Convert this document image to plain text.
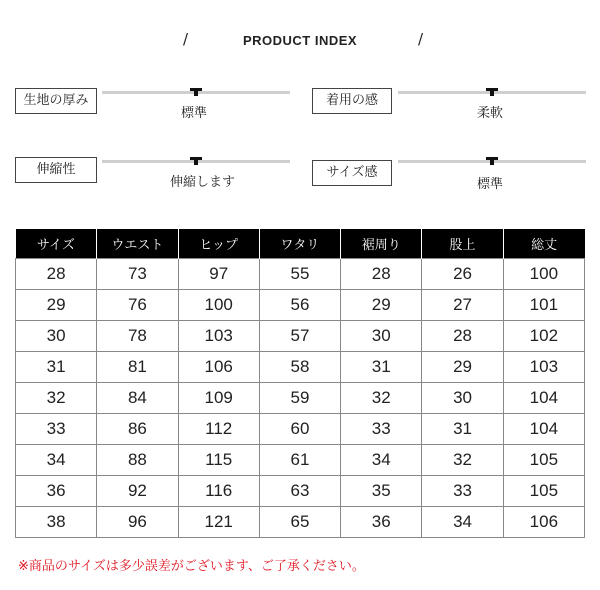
/	PRODUCT INDEX	/
生地の厚み
標準
着用の感
柔軟
伸縮性
伸縮します
サイズ感
標準
サイズ	ウエスト	ヒップ	ワタリ	裾周り	股上	総丈
28	73	97	55	28	26	100
29	76	100	56	29	27	101
30	78	103	57	30	28	102
31	81	106	58	31	29	103
32	84	109	59	32	30	104
33	86	112	60	33	31	104
34	88	115	61	34	32	105
36	92	116	63	35	33	105
38	96	121	65	36	34	106
※商品のサイズは多少誤差がございます、ご了承ください。
